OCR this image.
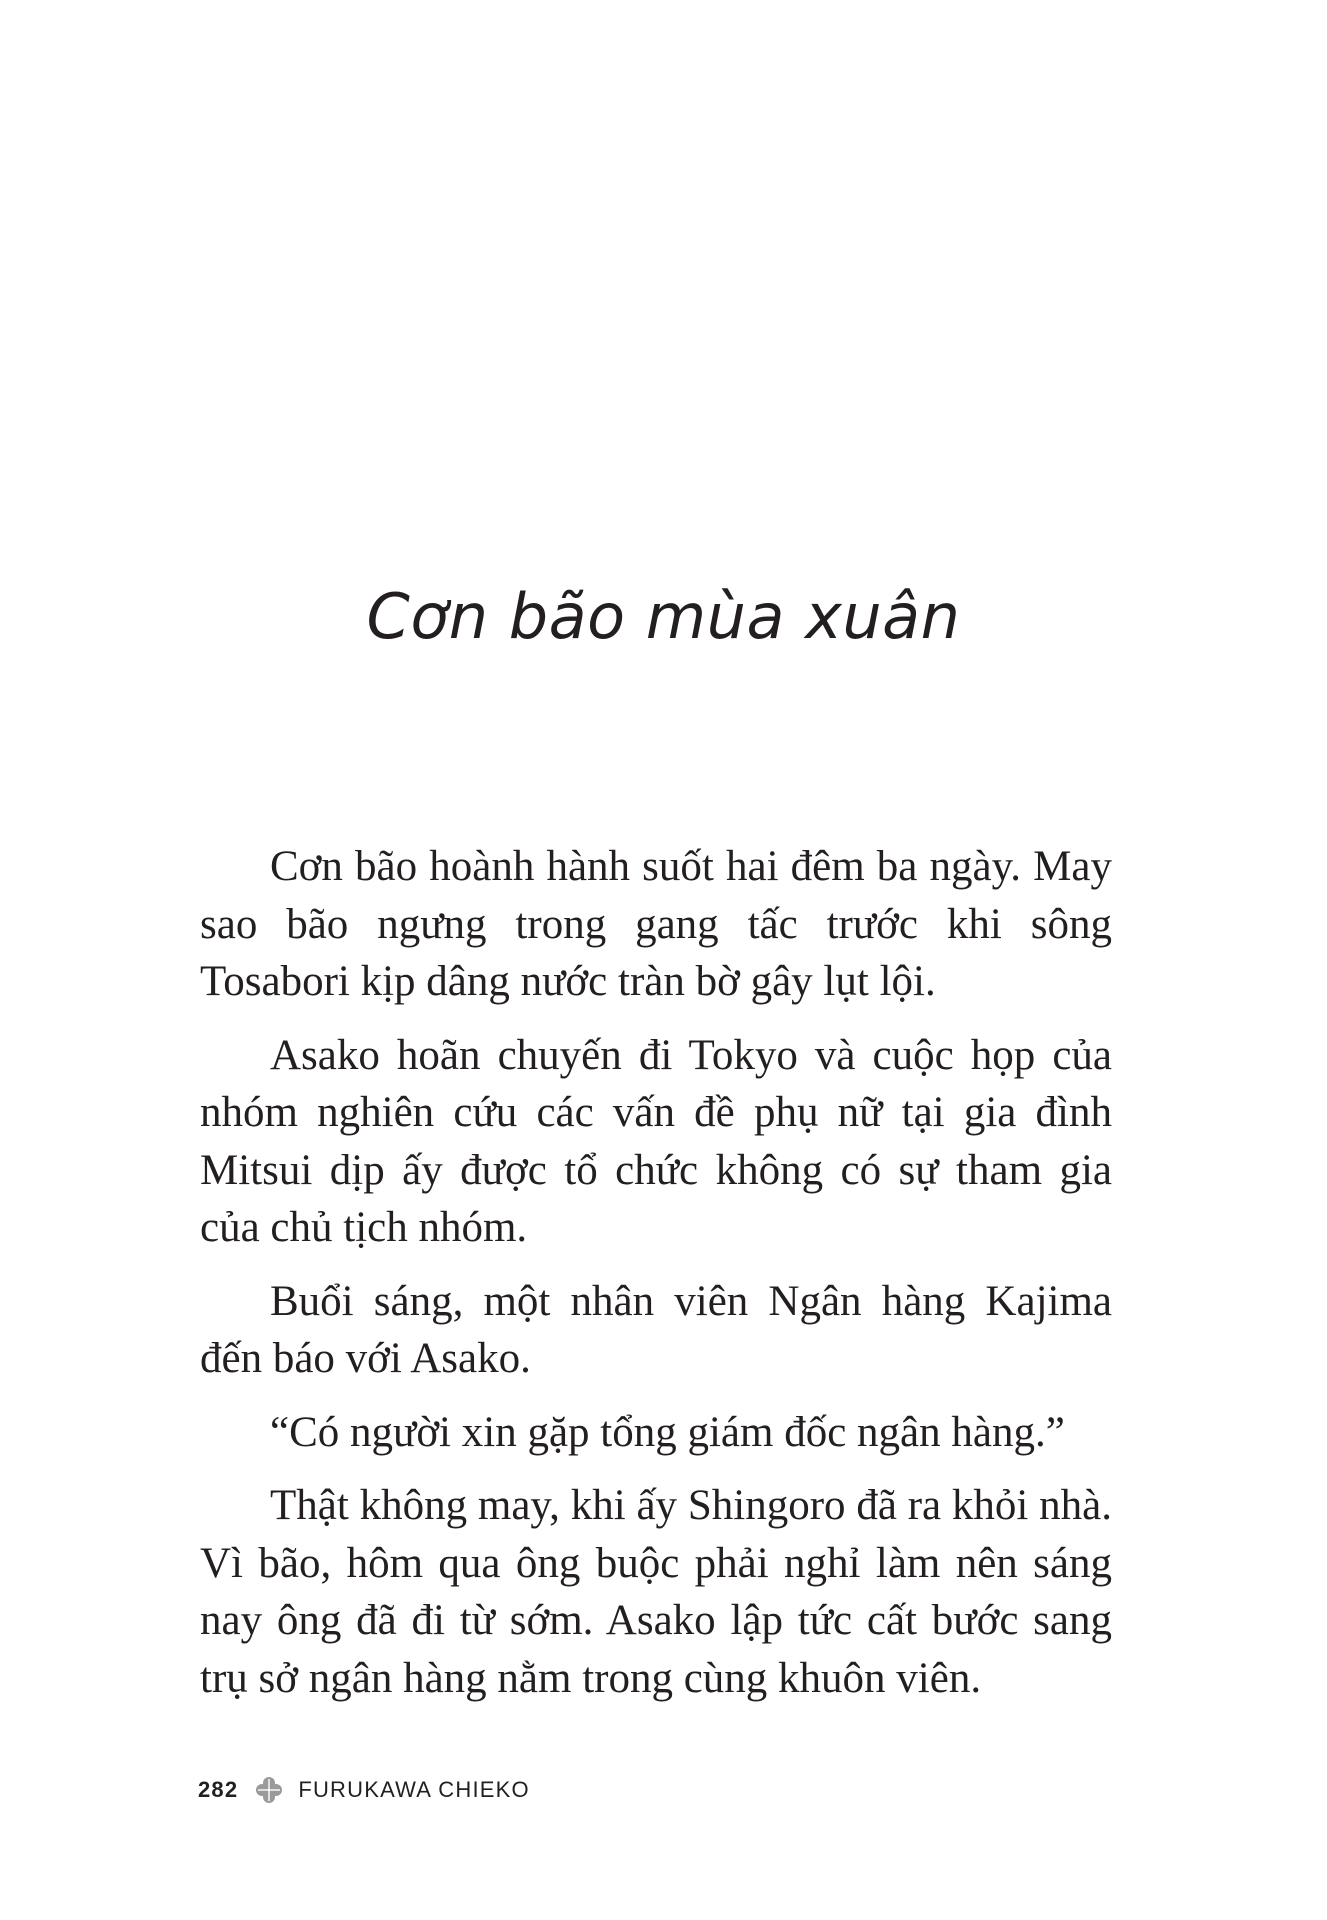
Cơn bão mùa xuân

Cơn bão hoành hành suốt hai đêm ba ngày. May sao bão ngưng trong gang tấc trước khi sông Tosabori kịp dâng nước tràn bờ gây lụt lội.

Asako hoãn chuyến đi Tokyo và cuộc họp của nhóm nghiên cứu các vấn đề phụ nữ tại gia đình Mitsui dịp ấy được tổ chức không có sự tham gia của chủ tịch nhóm.

Buổi sáng, một nhân viên Ngân hàng Kajima đến báo với Asako.

“Có người xin gặp tổng giám đốc ngân hàng.”

Thật không may, khi ấy Shingoro đã ra khỏi nhà. Vì bão, hôm qua ông buộc phải nghỉ làm nên sáng nay ông đã đi từ sớm. Asako lập tức cất bước sang trụ sở ngân hàng nằm trong cùng khuôn viên.

282	FURUKAWA CHIEKO
